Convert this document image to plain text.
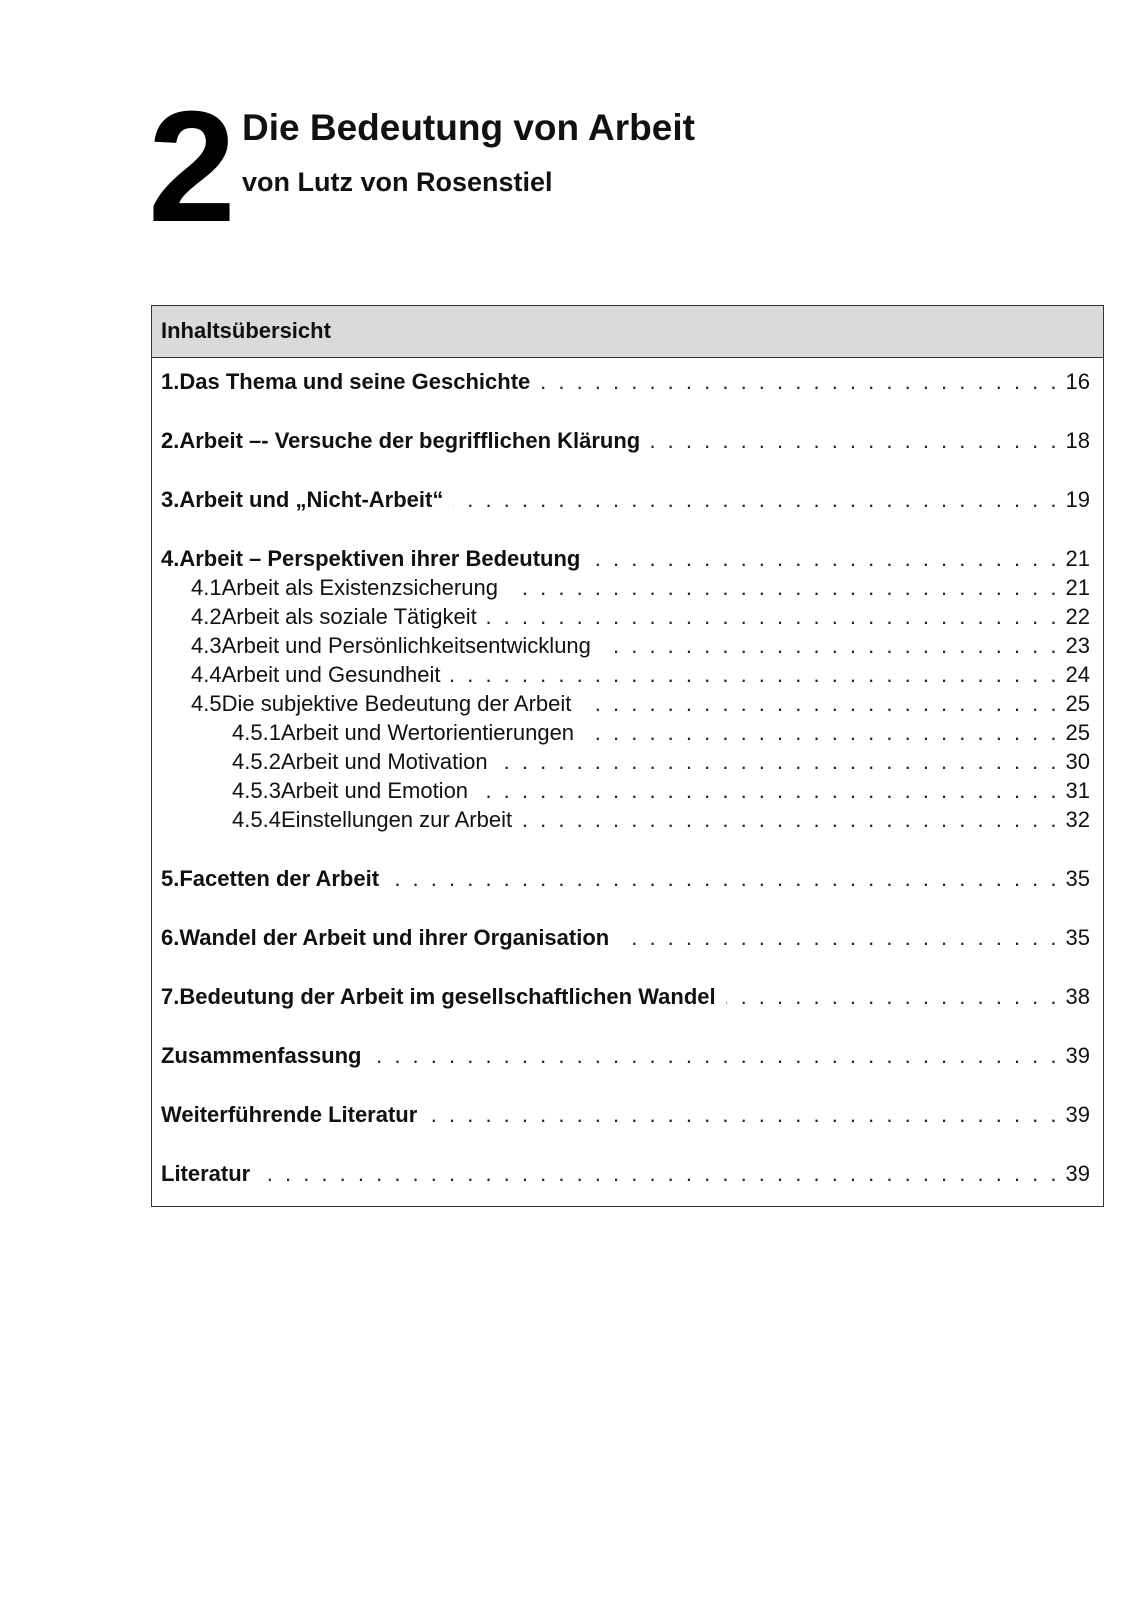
2 Die Bedeutung von Arbeit
von Lutz von Rosenstiel
Inhaltsübersicht
1. Das Thema und seine Geschichte . . .	16
2. Arbeit –- Versuche der begrifflichen Klärung . . .	18
3. Arbeit und „Nicht-Arbeit“ . . .	19
4. Arbeit – Perspektiven ihrer Bedeutung . . .	21
4.1 Arbeit als Existenzsicherung . . .	21
4.2 Arbeit als soziale Tätigkeit . . .	22
4.3 Arbeit und Persönlichkeitsentwicklung . . .	23
4.4 Arbeit und Gesundheit . . .	24
4.5 Die subjektive Bedeutung der Arbeit . . .	25
4.5.1 Arbeit und Wertorientierungen . . .	25
4.5.2 Arbeit und Motivation . . .	30
4.5.3 Arbeit und Emotion . . .	31
4.5.4 Einstellungen zur Arbeit . . .	32
5. Facetten der Arbeit . . .	35
6. Wandel der Arbeit und ihrer Organisation . . .	35
7. Bedeutung der Arbeit im gesellschaftlichen Wandel . . .	38
Zusammenfassung . . .	39
Weiterführende Literatur . . .	39
Literatur . . .	39
